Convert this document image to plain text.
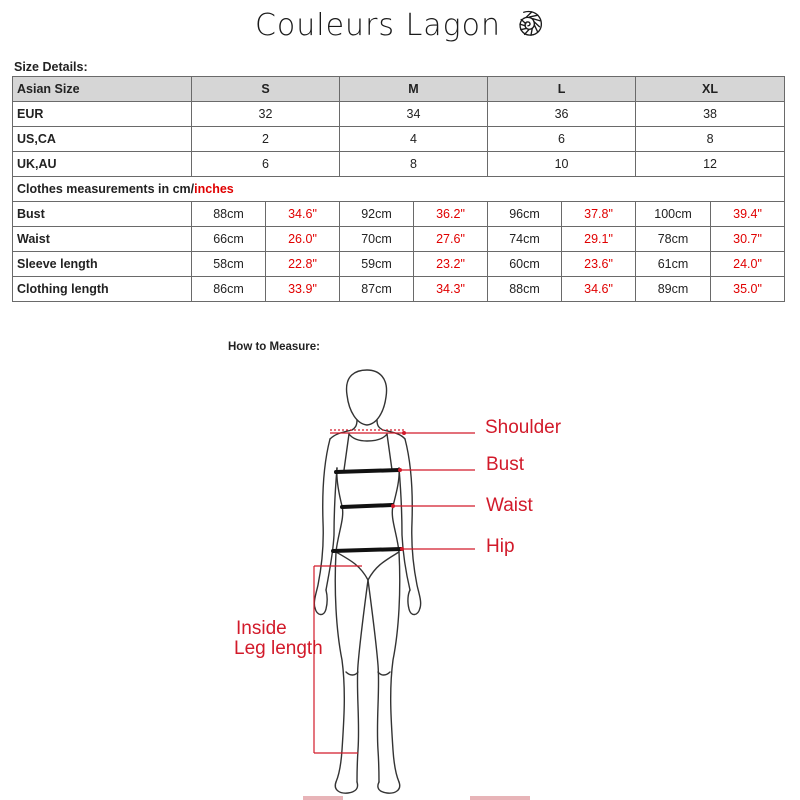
Couleurs Lagon
Size Details:
Asian Size	S		M		L		XL	
EUR	32		34		36		38	
US,CA	2		4		6		8	
UK,AU	6		8		10		12	
Clothes measurements in cm/inches								
Bust	88cm	34.6"	92cm	36.2"	96cm	37.8"	100cm	39.4"
Waist	66cm	26.0"	70cm	27.6"	74cm	29.1"	78cm	30.7"
Sleeve length	58cm	22.8"	59cm	23.2"	60cm	23.6"	61cm	24.0"
Clothing length	86cm	33.9"	87cm	34.3"	88cm	34.6"	89cm	35.0"
How to Measure:
Shoulder
Bust
Waist
Hip
Inside
Leg length
